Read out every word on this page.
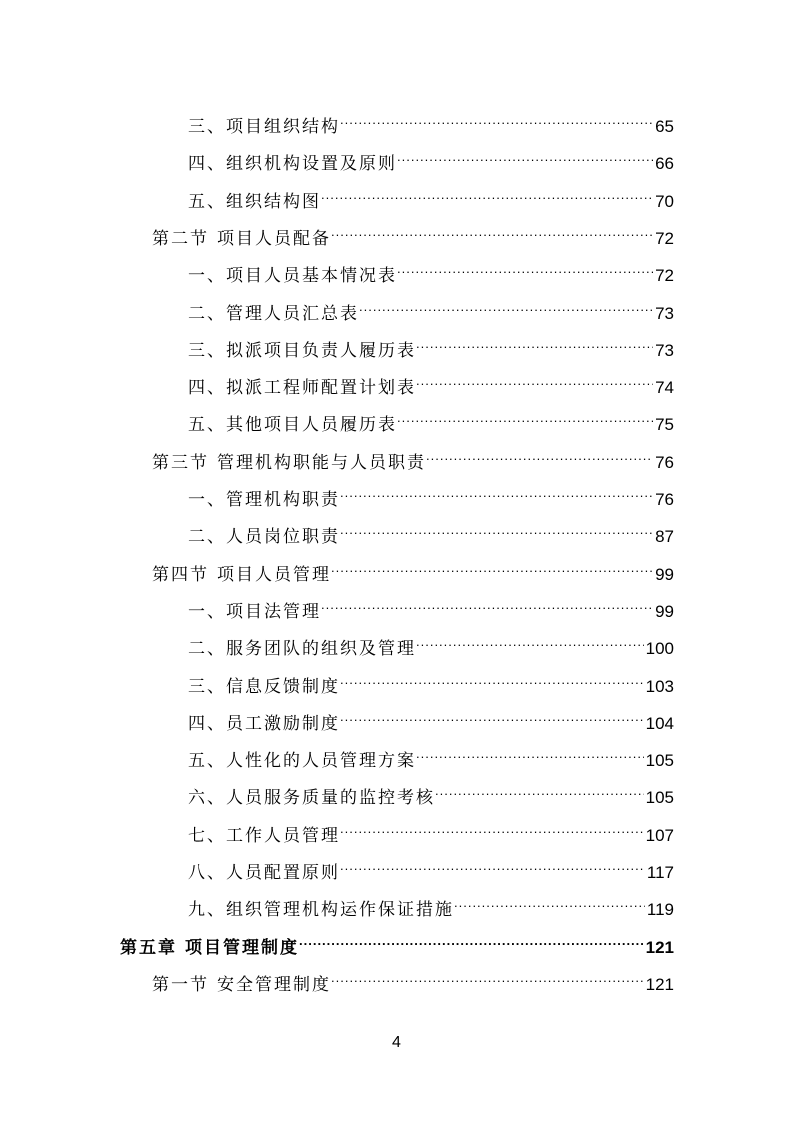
三、项目组织结构 .....	65
四、组织机构设置及原则 .....	66
五、组织结构图 .....	70
第二节 项目人员配备 .....	72
一、项目人员基本情况表 .....	72
二、管理人员汇总表 .....	73
三、拟派项目负责人履历表 .....	73
四、拟派工程师配置计划表 .....	74
五、其他项目人员履历表 .....	75
第三节 管理机构职能与人员职责 .....	76
一、管理机构职责 .....	76
二、人员岗位职责 .....	87
第四节 项目人员管理 .....	99
一、项目法管理 .....	99
二、服务团队的组织及管理 .....	100
三、信息反馈制度 .....	103
四、员工激励制度 .....	104
五、人性化的人员管理方案 .....	105
六、人员服务质量的监控考核 .....	105
七、工作人员管理 .....	107
八、人员配置原则 .....	117
九、组织管理机构运作保证措施 .....	119
第五章 项目管理制度 .....	121
第一节 安全管理制度 .....	121
4
